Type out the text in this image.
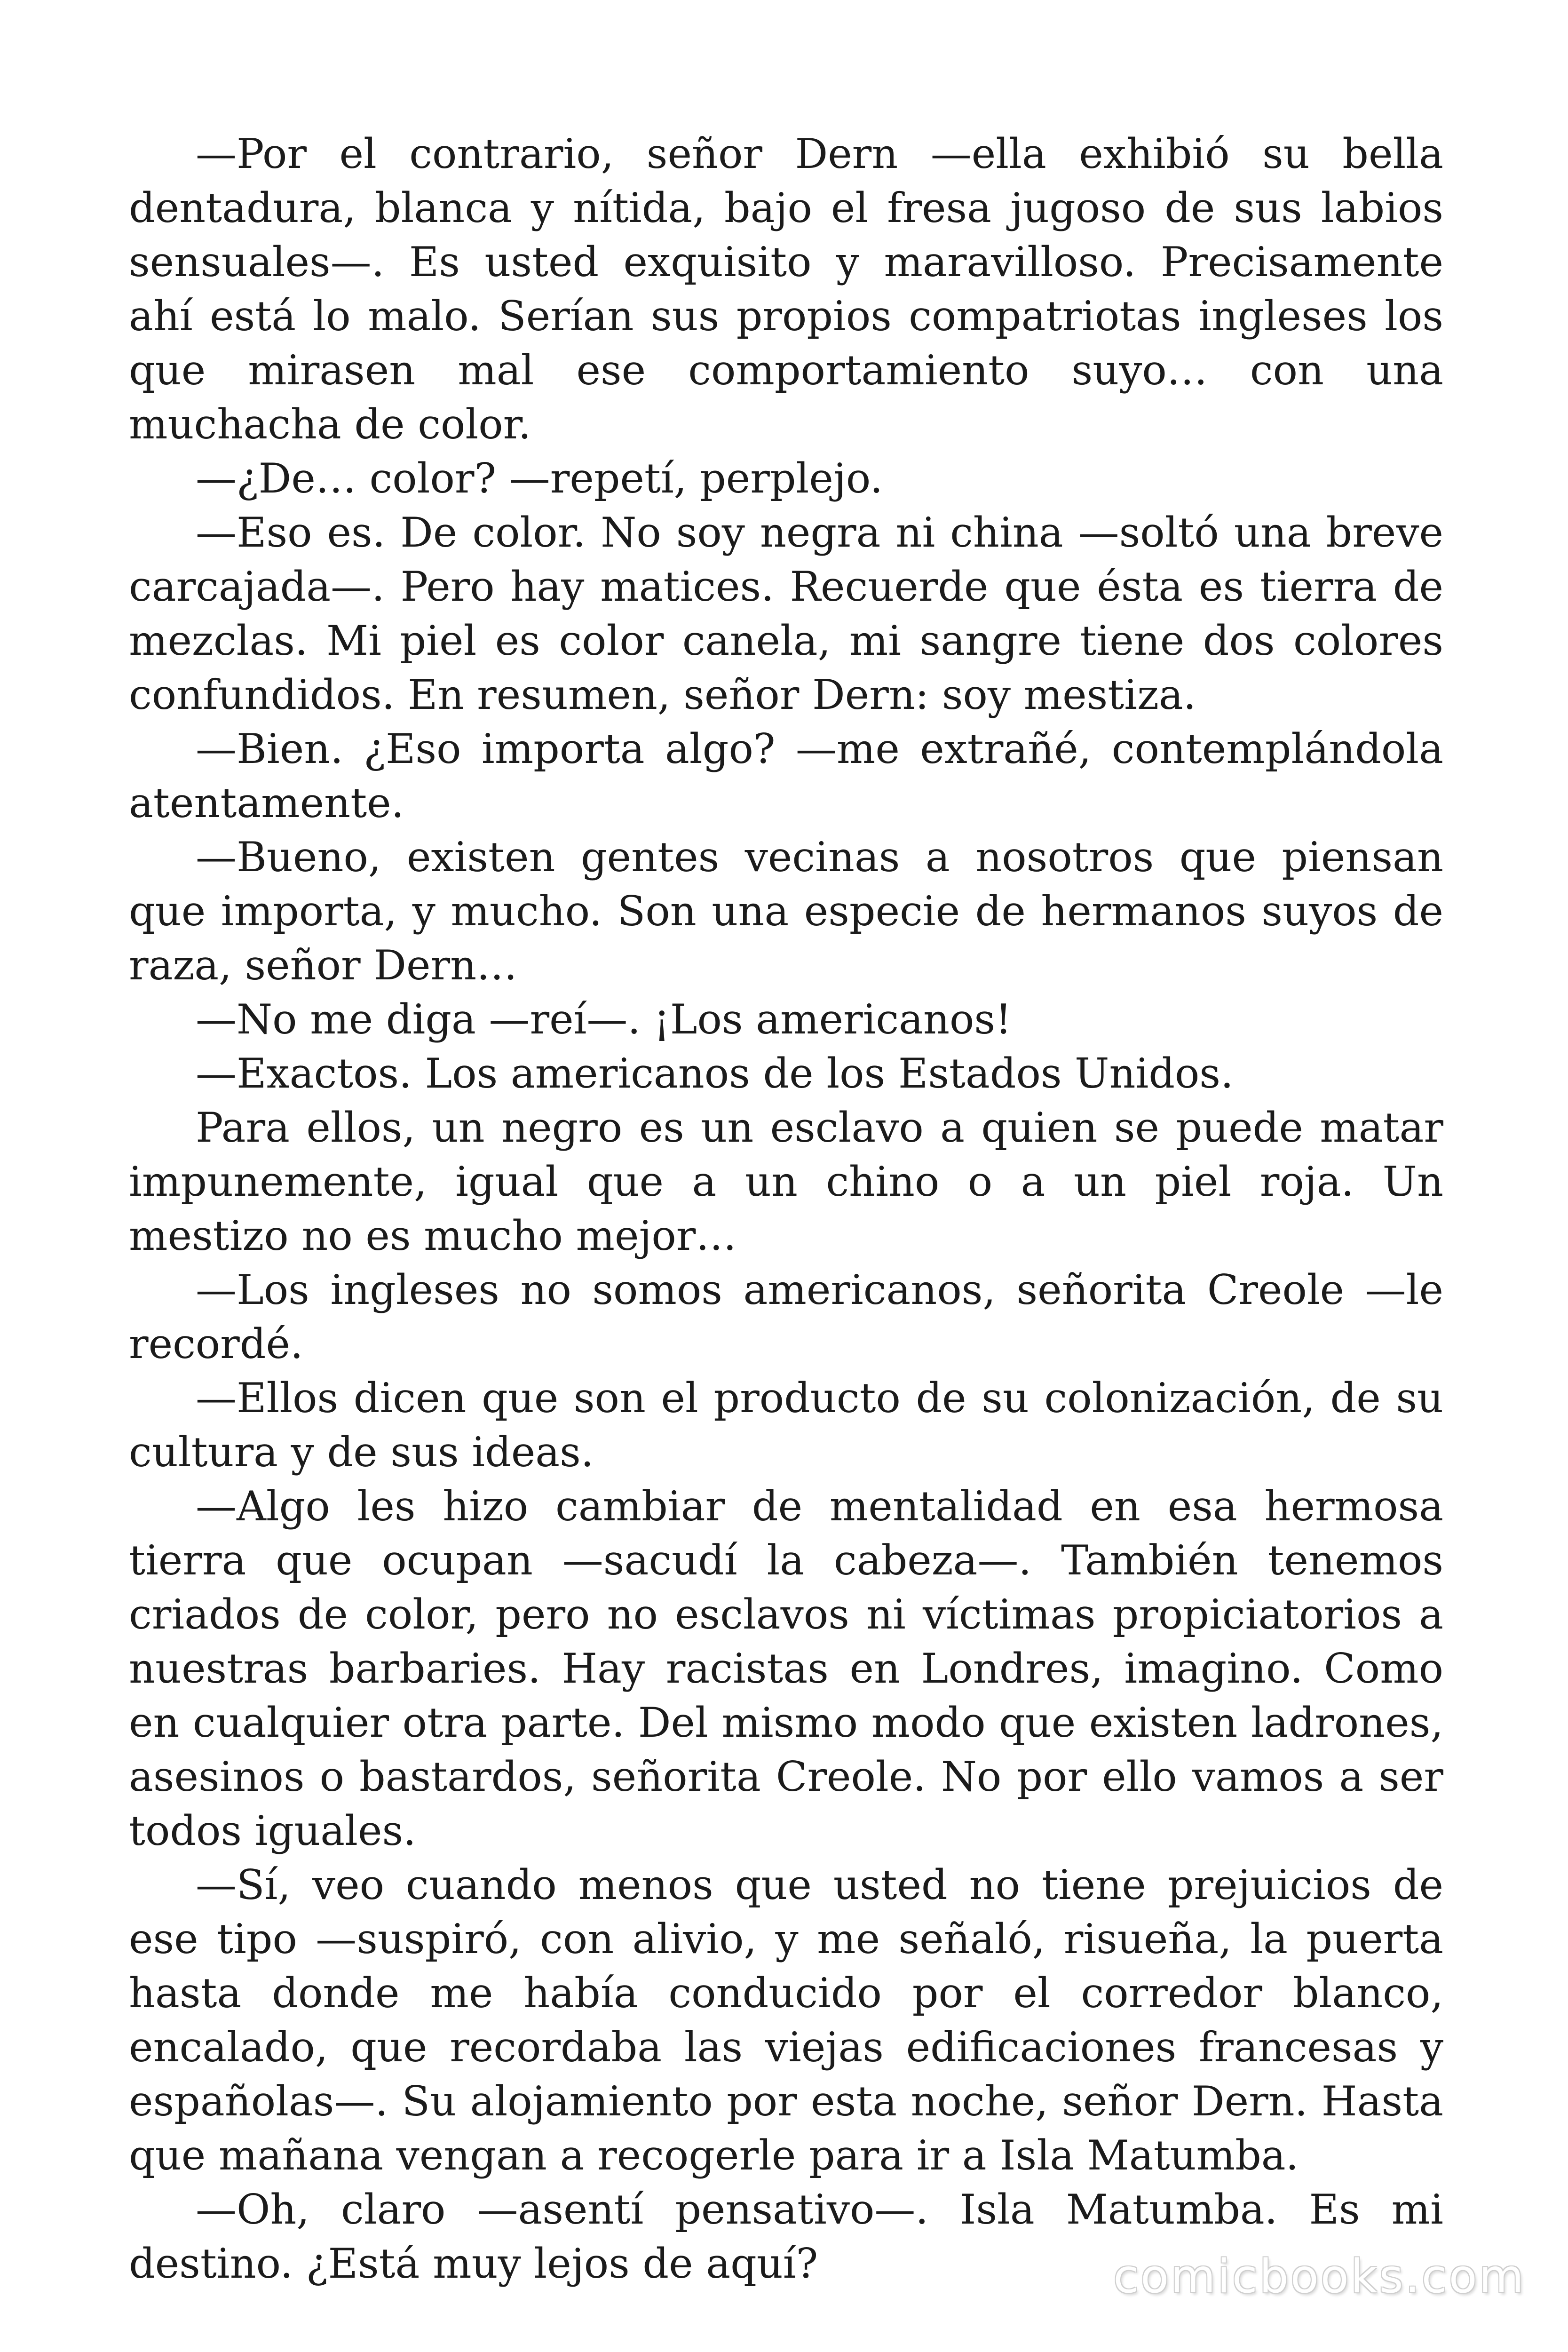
—Por el contrario, señor Dern —ella exhibió su bella dentadura, blanca y nítida, bajo el fresa jugoso de sus labios sensuales—. Es usted exquisito y maravilloso. Precisamente ahí está lo malo. Serían sus propios compatriotas ingleses los que mirasen mal ese comportamiento suyo… con una muchacha de color.

—¿De… color? —repetí, perplejo.

—Eso es. De color. No soy negra ni china —soltó una breve carcajada—. Pero hay matices. Recuerde que ésta es tierra de mezclas. Mi piel es color canela, mi sangre tiene dos colores confundidos. En resumen, señor Dern: soy mestiza.

—Bien. ¿Eso importa algo? —me extrañé, contemplándola atentamente.

—Bueno, existen gentes vecinas a nosotros que piensan que importa, y mucho. Son una especie de hermanos suyos de raza, señor Dern…

—No me diga —reí—. ¡Los americanos!

—Exactos. Los americanos de los Estados Unidos.

Para ellos, un negro es un esclavo a quien se puede matar impunemente, igual que a un chino o a un piel roja. Un mestizo no es mucho mejor…

—Los ingleses no somos americanos, señorita Creole —le recordé.

—Ellos dicen que son el producto de su colonización, de su cultura y de sus ideas.

—Algo les hizo cambiar de mentalidad en esa hermosa tierra que ocupan —sacudí la cabeza—. También tenemos criados de color, pero no esclavos ni víctimas propiciatorios a nuestras barbaries. Hay racistas en Londres, imagino. Como en cualquier otra parte. Del mismo modo que existen ladrones, asesinos o bastardos, señorita Creole. No por ello vamos a ser todos iguales.

—Sí, veo cuando menos que usted no tiene prejuicios de ese tipo —suspiró, con alivio, y me señaló, risueña, la puerta hasta donde me había conducido por el corredor blanco, encalado, que recordaba las viejas edificaciones francesas y españolas—. Su alojamiento por esta noche, señor Dern. Hasta que mañana vengan a recogerle para ir a Isla Matumba.

—Oh, claro —asentí pensativo—. Isla Matumba. Es mi destino. ¿Está muy lejos de aquí?	comicbooks.com
